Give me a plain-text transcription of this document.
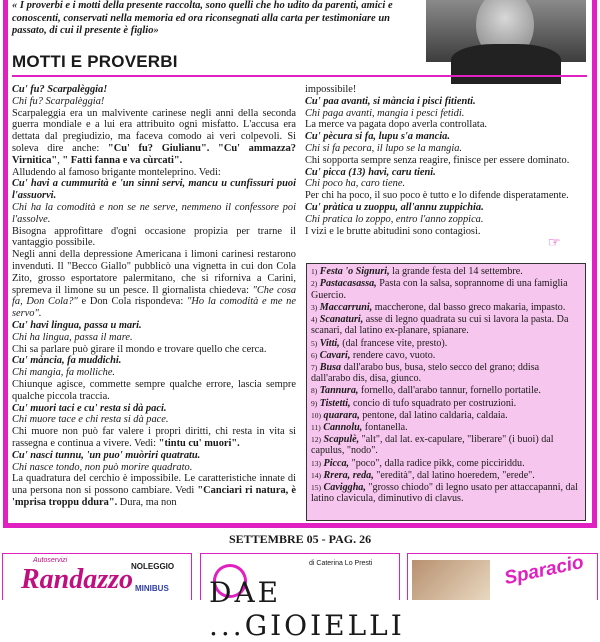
« I proverbi e i motti della presente raccolta, sono quelli che ho udito da parenti, amici e conoscenti, conservati nella memoria ed ora riconsegnati alla carta per testimoniare un passato, di cui il presente è figlio»
MOTTI E PROVERBI

Cu' fu? Scarpalèggia!

Chi fu? Scarpalèggia!

Scarpaleggia era un malvivente carinese negli anni della seconda guerra mondiale e a lui era attribuito ogni misfatto. L'accusa era dettata dal pregiudizio, ma faceva comodo ai veri colpevoli. Si soleva dire anche: "Cu' fu? Giulianu". "Cu' ammazza? Virnitica", " Fatti fanna e va cùrcati".

Alludendo al famoso brigante monteleprino. Vedi:

Cu' havi a cummurità e 'un sinni servi, mancu u cunfissuri puoi l'assuorvi.

Chi ha la comodità e non se ne serve, nemmeno il confessore poi l'assolve.

Bisogna approfittare d'ogni occasione propizia per trarne il vantaggio possibile.

Negli anni della depressione Americana i limoni carinesi restarono invenduti. Il "Becco Giallo" pubblicò una vignetta in cui don Cola Zito, grosso esportatore palermitano, che si riforniva a Carini, spremeva il limone su un pesce. Il giornalista chiedeva: "Che cosa fa, Don Cola?" e Don Cola rispondeva: "Ho la comodità e me ne servo".

Cu' havi lingua, passa u mari.

Chi ha lingua, passa il mare.

Chi sa parlare può girare il mondo e trovare quello che cerca.

Cu' mància, fa muddichi.

Chi mangia, fa molliche.

Chiunque agisce, commette sempre qualche errore, lascia sempre qualche piccola traccia.

Cu' muori taci e cu' resta si dà paci.

Chi muore tace e chi resta si dà pace.

Chi muore non può far valere i propri diritti, chi resta in vita si rassegna e continua a vivere. Vedi: "tintu cu' muori".

Cu' nasci tunnu, 'un puo' muòriri quatratu.

Chi nasce tondo, non può morire quadrato.

La quadratura del cerchio è impossibile. Le caratteristiche innate di una persona non si possono cambiare. Vedi "Canciari ri natura, è 'mprisa troppu ddura". Dura, ma non

impossibile!

Cu' paa avanti, si mància i pisci fitienti.

Chi paga avanti, mangia i pesci fetidi.

La merce va pagata dopo averla controllata.

Cu' pècura si fa, lupu s'a mancia.

Chi si fa pecora, il lupo se la mangia.

Chi sopporta sempre senza reagire, finisce per essere dominato.

Cu' picca (13) havi, caru tieni.

Chi poco ha, caro tiene.

Per chi ha poco, il suo poco è tutto e lo difende disperatamente.

Cu' pràtica u zuoppu, all'annu zuppichia.

Chi pratica lo zoppo, entro l'anno zoppica.

I vizi e le brutte abitudini sono contagiosi.

☞

1) Festa 'o Signuri, la grande festa del 14 settembre.

2) Pastacasassa, Pasta con la salsa, soprannome di una famiglia Guercio.

3) Maccarruni, maccherone, dal basso greco makaria, impasto.

4) Scanaturi, asse di legno quadrata su cui si lavora la pasta. Da scanari, dal latino ex-planare, spianare.

5) Vitti, (dal francese vite, presto).

6) Cavari, rendere cavo, vuoto.

7) Busa dall'arabo bus, busa, stelo secco del grano; ddisa dall'arabo dis, disa, giunco.

8) Tannura, fornello, dall'arabo tannur, fornello portatile.

9) Tistetti, concio di tufo squadrato per costruzioni.

10) quarara, pentone, dal latino caldaria, caldaia.

11) Cannolu, fontanella.

12) Scapulè, "alt", dal lat. ex-capulare, "liberare" (i buoi) dal capulus, "nodo".

13) Picca, "poco", dalla radice pikk, come picciriddu.

14) Rrera, reda, "eredità", dal latino hoeredem, "erede".

15) Caviggha, "grosso chiodo" di legno usato per attaccapanni, dal latino clavicula, diminutivo di clavus.

SETTEMBRE 05 - PAG. 26
Autoservizi
Randazzo
NOLEGGIO
MINIBUS
di Caterina Lo Presti
DAE ...GIOIELLI
Sparacio
